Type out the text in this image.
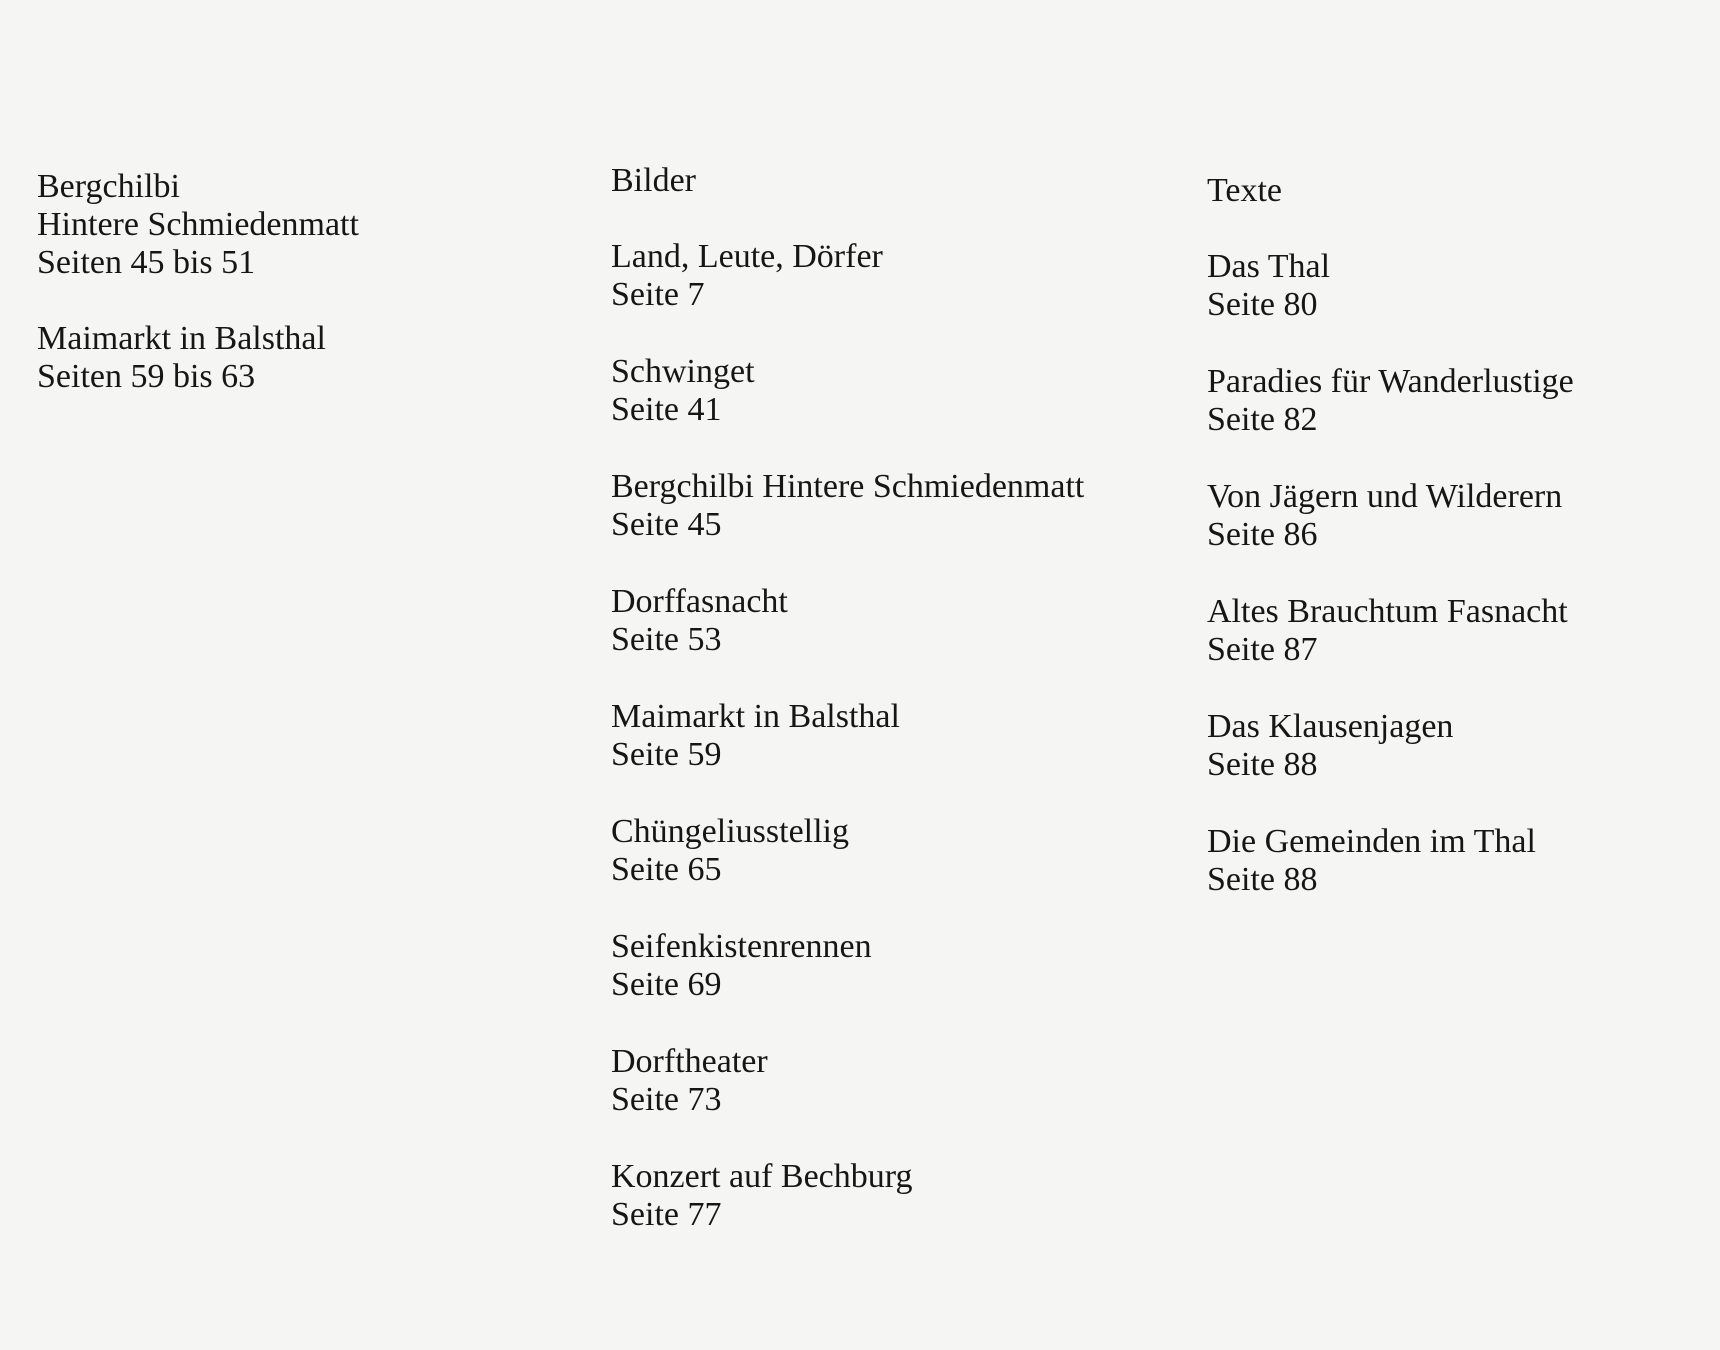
Bergchilbi
Hintere Schmiedenmatt
Seiten 45 bis 51
Maimarkt in Balsthal
Seiten 59 bis 63
Bilder
Land, Leute, Dörfer
Seite 7
Schwinget
Seite 41
Bergchilbi Hintere Schmiedenmatt
Seite 45
Dorffasnacht
Seite 53
Maimarkt in Balsthal
Seite 59
Chüngeliusstellig
Seite 65
Seifenkistenrennen
Seite 69
Dorftheater
Seite 73
Konzert auf Bechburg
Seite 77
Texte
Das Thal
Seite 80
Paradies für Wanderlustige
Seite 82
Von Jägern und Wilderern
Seite 86
Altes Brauchtum Fasnacht
Seite 87
Das Klausenjagen
Seite 88
Die Gemeinden im Thal
Seite 88
